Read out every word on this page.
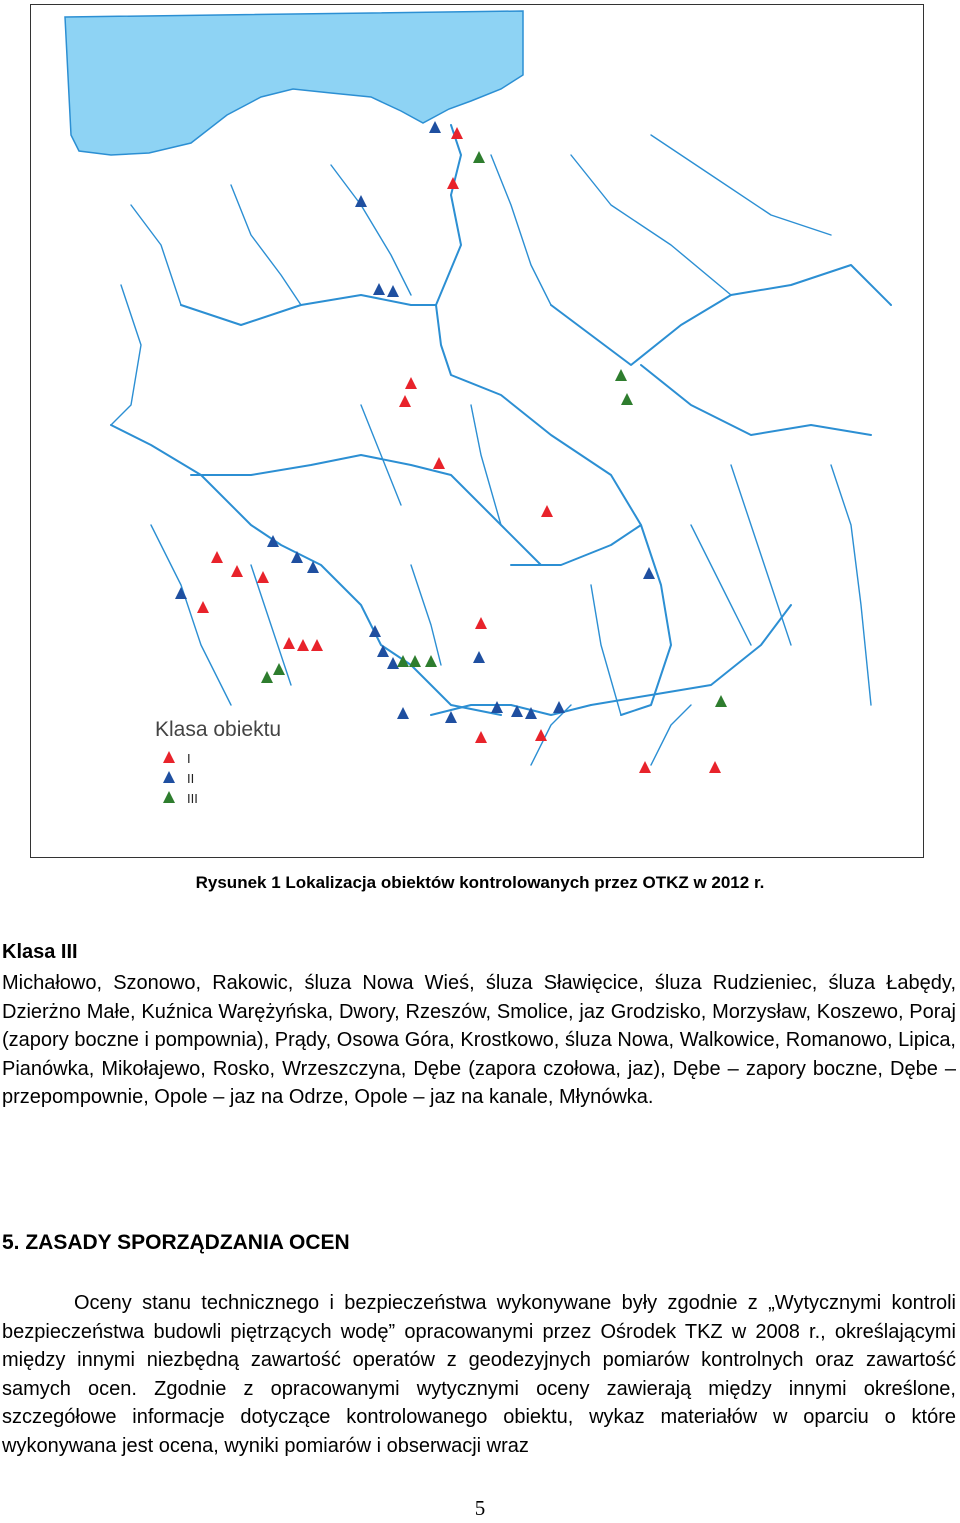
Klasa obiektu
I
II
III
Rysunek 1 Lokalizacja obiektów kontrolowanych przez OTKZ w 2012 r.
Klasa III
Michałowo, Szonowo, Rakowic, śluza Nowa Wieś, śluza Sławięcice, śluza Rudzieniec, śluza Łabędy, Dzierżno Małe, Kuźnica Warężyńska, Dwory, Rzeszów, Smolice, jaz Grodzisko, Morzysław, Koszewo, Poraj (zapory boczne i pompownia), Prądy, Osowa Góra, Krostkowo, śluza Nowa, Walkowice, Romanowo, Lipica, Pianówka, Mikołajewo, Rosko, Wrzeszczyna, Dębe (zapora czołowa, jaz), Dębe – zapory boczne, Dębe – przepompownie, Opole – jaz na Odrze, Opole – jaz na kanale, Młynówka.
5. ZASADY SPORZĄDZANIA OCEN
Oceny stanu technicznego i bezpieczeństwa wykonywane były zgodnie z „Wytycznymi kontroli bezpieczeństwa budowli piętrzących wodę” opracowanymi przez Ośrodek TKZ w 2008 r., określającymi między innymi niezbędną zawartość operatów z geodezyjnych pomiarów kontrolnych oraz zawartość samych ocen. Zgodnie z opracowanymi wytycznymi oceny zawierają między innymi określone, szczegółowe informacje dotyczące kontrolowanego obiektu, wykaz materiałów w oparciu o które wykonywana jest ocena, wyniki pomiarów i obserwacji wraz
5
